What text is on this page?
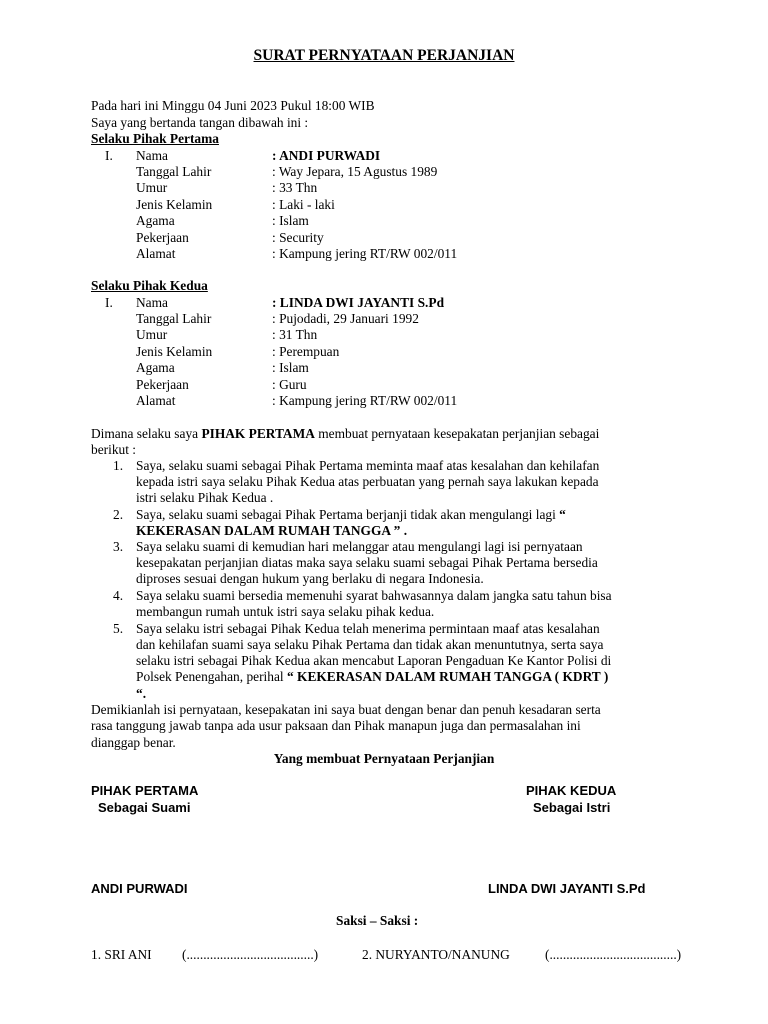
SURAT PERNYATAAN PERJANJIAN
Pada hari ini Minggu 04 Juni 2023 Pukul 18:00 WIB
Saya yang bertanda tangan dibawah ini :
Selaku Pihak Pertama
I. Nama	: ANDI PURWADI
Tanggal Lahir	: Way Jepara, 15 Agustus 1989
Umur	: 33 Thn
Jenis Kelamin	: Laki - laki
Agama	: Islam
Pekerjaan	: Security
Alamat	: Kampung jering RT/RW 002/011
Selaku Pihak Kedua
I. Nama	: LINDA DWI JAYANTI S.Pd
Tanggal Lahir	: Pujodadi, 29 Januari 1992
Umur	: 31 Thn
Jenis Kelamin	: Perempuan
Agama	: Islam
Pekerjaan	: Guru
Alamat	: Kampung jering RT/RW 002/011
Dimana selaku saya PIHAK PERTAMA membuat pernyataan kesepakatan perjanjian sebagai
berikut :
1. Saya, selaku suami sebagai Pihak Pertama meminta maaf atas kesalahan dan kehilafan
kepada istri saya selaku Pihak Kedua atas perbuatan yang pernah saya lakukan kepada
istri selaku Pihak Kedua .
2. Saya, selaku suami sebagai Pihak Pertama berjanji tidak akan mengulangi lagi “
KEKERASAN DALAM RUMAH TANGGA ” .
3. Saya selaku suami di kemudian hari melanggar atau mengulangi lagi isi pernyataan
kesepakatan perjanjian diatas maka saya selaku suami sebagai Pihak Pertama bersedia
diproses sesuai dengan hukum yang berlaku di negara Indonesia.
4. Saya selaku suami bersedia memenuhi syarat bahwasannya dalam jangka satu tahun bisa
membangun rumah untuk istri saya selaku pihak kedua.
5. Saya selaku istri sebagai Pihak Kedua telah menerima permintaan maaf atas kesalahan
dan kehilafan suami saya selaku Pihak Pertama dan tidak akan menuntutnya, serta saya
selaku istri sebagai Pihak Kedua akan mencabut Laporan Pengaduan Ke Kantor Polisi di
Polsek Penengahan, perihal “ KEKERASAN DALAM RUMAH TANGGA ( KDRT )
“.
Demikianlah isi pernyataan, kesepakatan ini saya buat dengan benar dan penuh kesadaran serta
rasa tanggung jawab tanpa ada usur paksaan dan Pihak manapun juga dan permasalahan ini
dianggap benar.
Yang membuat Pernyataan Perjanjian
PIHAK PERTAMA
Sebagai Suami
PIHAK KEDUA
Sebagai Istri
ANDI PURWADI	LINDA DWI JAYANTI S.Pd
Saksi – Saksi :
1. SRI ANI (......................................)	2. NURYANTO/NANUNG	(......................................)
